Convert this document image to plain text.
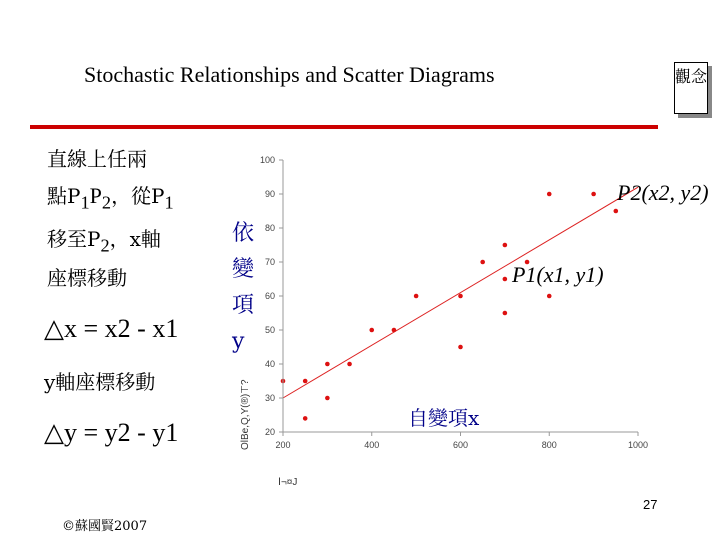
Stochastic Relationships and Scatter Diagrams	觀念
直線上任兩
點$P_1P_2$，從$P_1$
移至$P_2$，x軸
座標移動
△x = x2 - x1
y軸座標移動
△y = y2 - y1	20
30
40
50
60
70
80
90
100
200	400	600	800	1000
OlBe,Q,Y(®)⊤?
Ⅰ¬¤J
依變項y
自變項x
P2(x2, y2)
P1(x1, y1)
©蘇國賢2007
27
